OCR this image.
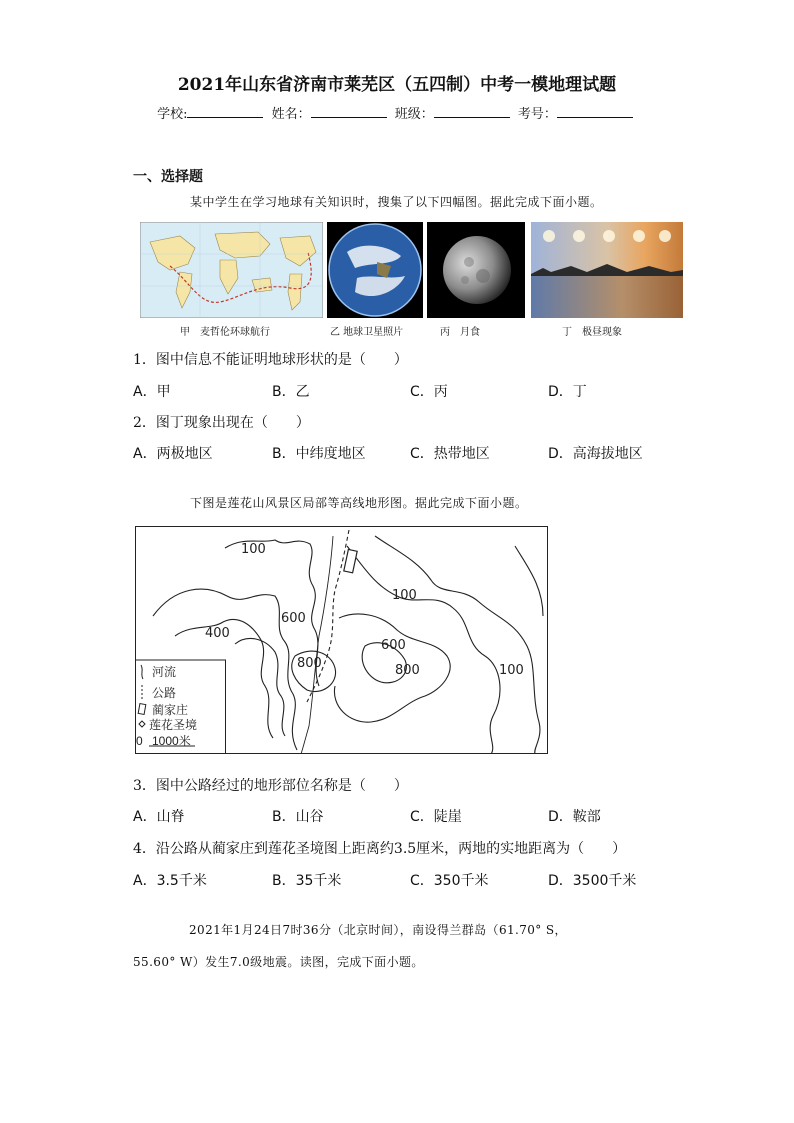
2021年山东省济南市莱芜区（五四制）中考一模地理试题
学校:	姓名：	班级：	考号：
一、选择题
某中学生在学习地球有关知识时，搜集了以下四幅图。据此完成下面小题。
甲　麦哲伦环球航行	乙 地球卫星照片	丙　月食	丁　极昼现象
1．图中信息不能证明地球形状的是（　　）
A．甲	B．乙	C．丙	D．丁
2．图丁现象出现在（　　）
A．两极地区	B．中纬度地区	C．热带地区	D．高海拔地区
下图是莲花山风景区局部等高线地形图。据此完成下面小题。
100
100
400
600
600
800	800	100
河流
公路
蔺家庄
莲花圣境
0 1000米
3．图中公路经过的地形部位名称是（　　）
A．山脊	B．山谷	C．陡崖	D．鞍部
4．沿公路从蔺家庄到莲花圣境图上距离约3.5厘米，两地的实地距离为（　　）
A．3.5千米	B．35千米	C．350千米	D．3500千米
2021年1月24日7时36分（北京时间），南设得兰群岛（61.70° S，
55.60° W）发生7.0级地震。读图，完成下面小题。
